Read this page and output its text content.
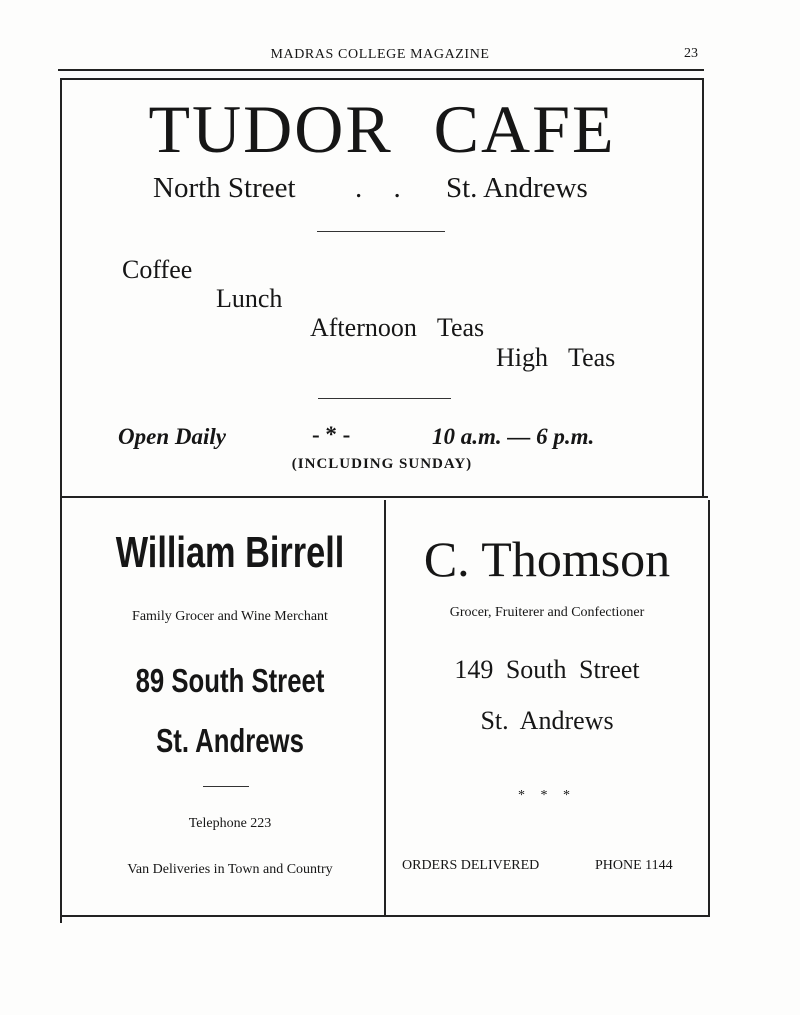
MADRAS COLLEGE MAGAZINE	23
TUDOR CAFE
North Street . . St. Andrews
Coffee
Lunch
Afternoon Teas
High Teas
Open Daily	- * -	10 a.m. — 6 p.m.
(INCLUDING SUNDAY)
William Birrell
Family Grocer and Wine Merchant
89 South Street
St. Andrews
Telephone 223
Van Deliveries in Town and Country
C. Thomson
Grocer, Fruiterer and Confectioner
149 South Street
St. Andrews
* * *
ORDERS DELIVERED	PHONE 1144
